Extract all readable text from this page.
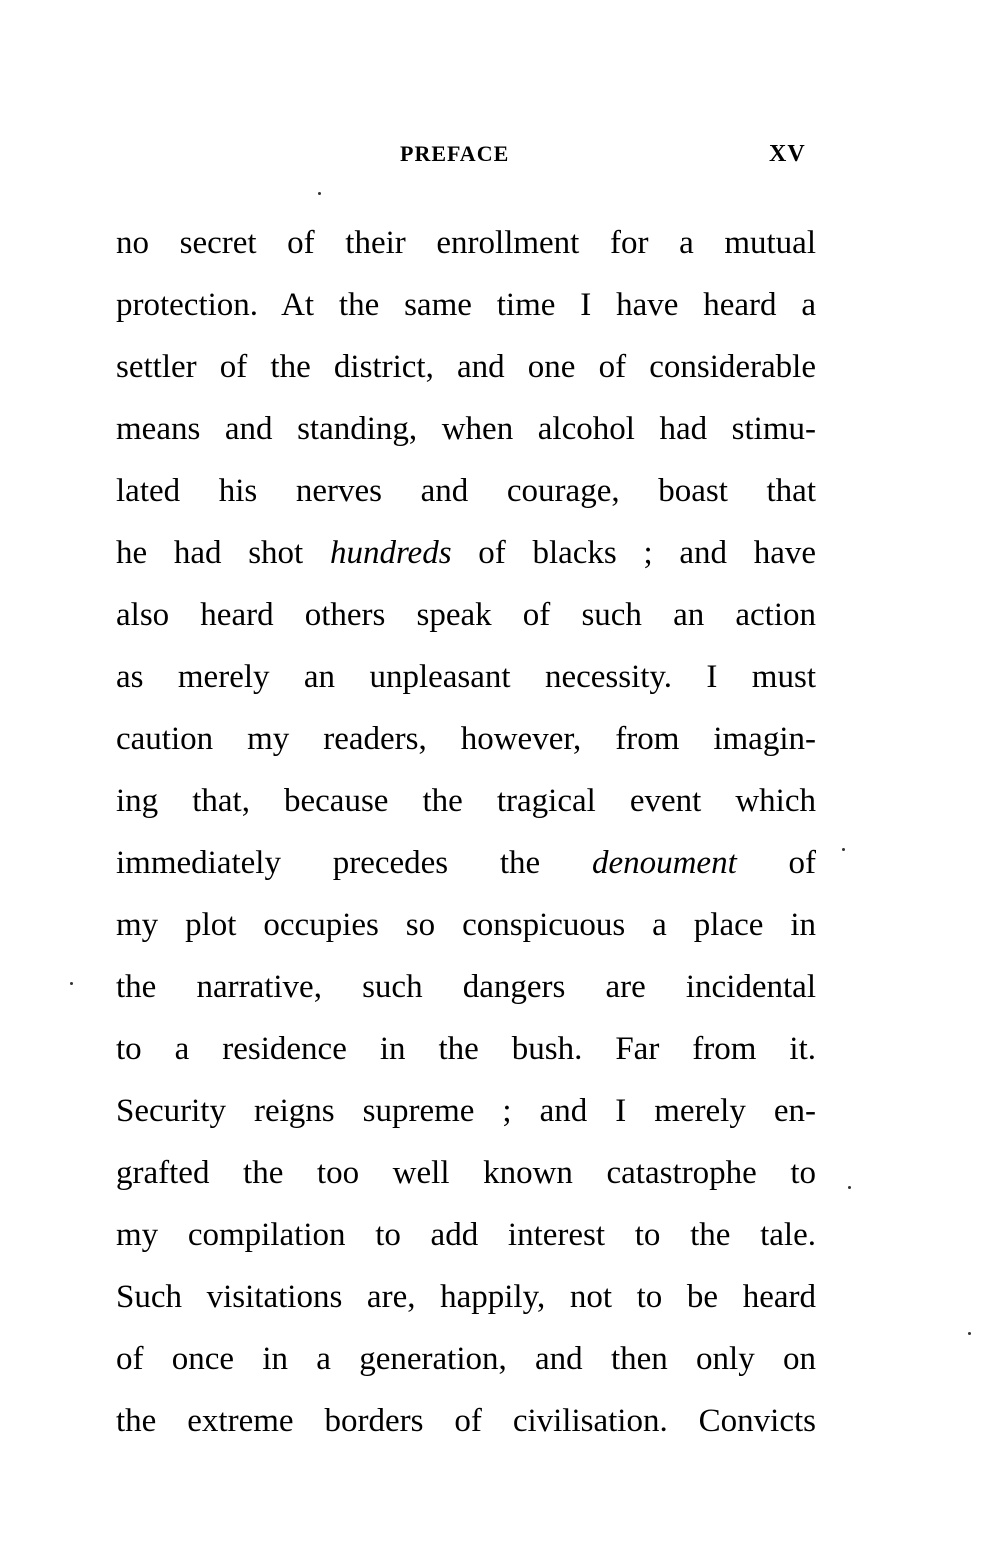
PREFACE	XV
no secret of their enrollment for a mutual
protection. At the same time I have heard a
settler of the district, and one of considerable
means and standing, when alcohol had stimu-
lated his nerves and courage, boast that
he had shot hundreds of blacks ; and have
also heard others speak of such an action
as merely an unpleasant necessity. I must
caution my readers, however, from imagin-
ing that, because the tragical event which
immediately precedes the denoument of
my plot occupies so conspicuous a place in
the narrative, such dangers are incidental
to a residence in the bush. Far from it.
Security reigns supreme ; and I merely en-
grafted the too well known catastrophe to
my compilation to add interest to the tale.
Such visitations are, happily, not to be heard
of once in a generation, and then only on
the extreme borders of civilisation. Convicts
